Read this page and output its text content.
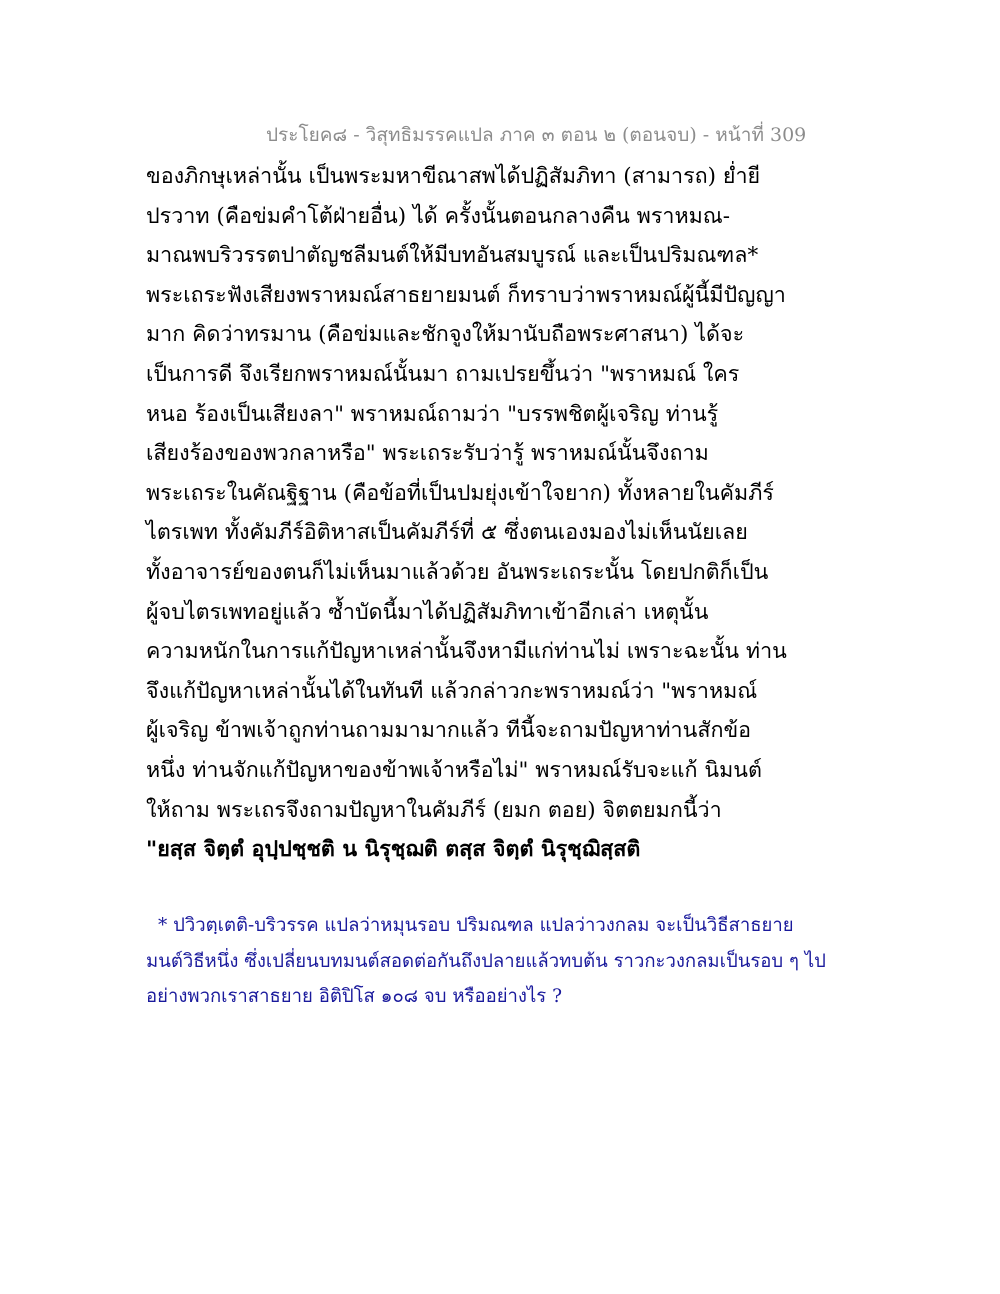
ประโยค๘ - วิสุทธิมรรคแปล ภาค ๓ ตอน ๒ (ตอนจบ) - หน้าที่ 309
ของภิกษุเหล่านั้น เป็นพระมหาขีณาสพได้ปฏิสัมภิทา (สามารถ) ย่ำยี
ปรวาท (คือข่มคำโต้ฝ่ายอื่น) ได้ ครั้งนั้นตอนกลางคืน พราหมณ-
มาณพบริวรรตปาตัญชลีมนต์ให้มีบทอันสมบูรณ์ และเป็นปริมณฑล*
พระเถระฟังเสียงพราหมณ์สาธยายมนต์ ก็ทราบว่าพราหมณ์ผู้นี้มีปัญญา
มาก คิดว่าทรมาน (คือข่มและชักจูงให้มานับถือพระศาสนา) ได้จะ
เป็นการดี จึงเรียกพราหมณ์นั้นมา ถามเปรยขึ้นว่า "พราหมณ์ ใคร
หนอ ร้องเป็นเสียงลา" พราหมณ์ถามว่า "บรรพชิตผู้เจริญ ท่านรู้
เสียงร้องของพวกลาหรือ" พระเถระรับว่ารู้ พราหมณ์นั้นจึงถาม
พระเถระในคัณฐิฐาน (คือข้อที่เป็นปมยุ่งเข้าใจยาก) ทั้งหลายในคัมภีร์
ไตรเพท ทั้งคัมภีร์อิติหาสเป็นคัมภีร์ที่ ๕ ซึ่งตนเองมองไม่เห็นนัยเลย
ทั้งอาจารย์ของตนก็ไม่เห็นมาแล้วด้วย อันพระเถระนั้น โดยปกติก็เป็น
ผู้จบไตรเพทอยู่แล้ว ซ้ำบัดนี้มาได้ปฏิสัมภิทาเข้าอีกเล่า เหตุนั้น
ความหนักในการแก้ปัญหาเหล่านั้นจึงหามีแก่ท่านไม่ เพราะฉะนั้น ท่าน
จึงแก้ปัญหาเหล่านั้นได้ในทันที แล้วกล่าวกะพราหมณ์ว่า "พราหมณ์
ผู้เจริญ ข้าพเจ้าถูกท่านถามมามากแล้ว ทีนี้จะถามปัญหาท่านสักข้อ
หนึ่ง ท่านจักแก้ปัญหาของข้าพเจ้าหรือไม่" พราหมณ์รับจะแก้ นิมนต์
ให้ถาม พระเถรจึงถามปัญหาในคัมภีร์ (ยมก ตอย) จิตตยมกนี้ว่า
"ยสฺส จิตฺตํ อุปฺปชฺชติ น นิรุชฺฌติ ตสฺส จิตฺตํ นิรุชฺฌิสฺสติ
* ปวิวตฺเตติ-บริวรรค แปลว่าหมุนรอบ ปริมณฑล แปลว่าวงกลม จะเป็นวิธีสาธยาย
มนต์วิธีหนึ่ง ซึ่งเปลี่ยนบทมนต์สอดต่อกันถึงปลายแล้วทบต้น ราวกะวงกลมเป็นรอบ ๆ ไป
อย่างพวกเราสาธยาย อิติปิโส ๑๐๘ จบ หรืออย่างไร ?
